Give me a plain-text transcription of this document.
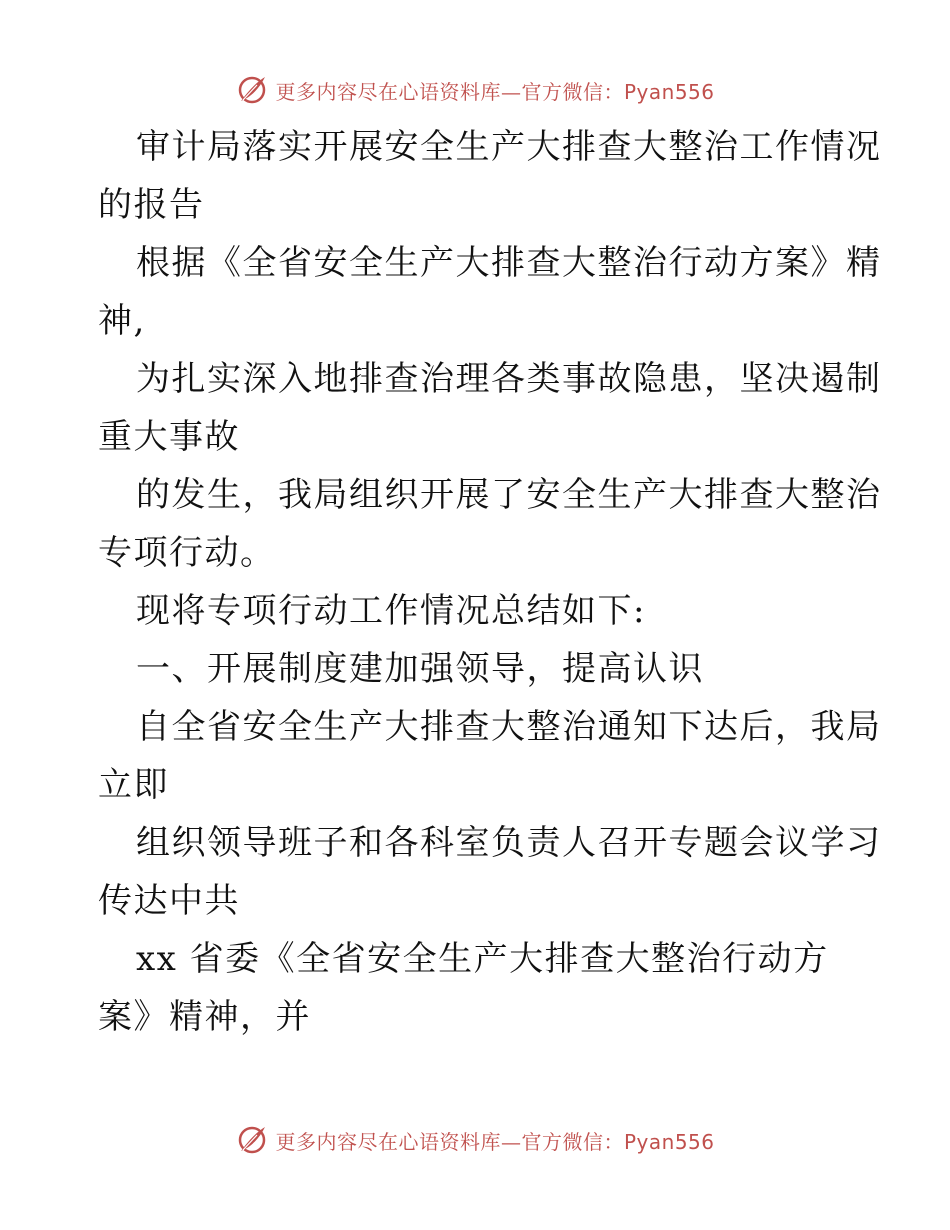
更多内容尽在心语资料库—官方微信：Pyan556
审计局落实开展安全生产大排查大整治工作情况
的报告
根据《全省安全生产大排查大整治行动方案》精
神,
为扎实深入地排查治理各类事故隐患，坚决遏制
重大事故
的发生，我局组织开展了安全生产大排查大整治
专项行动。
现将专项行动工作情况总结如下:
一、开展制度建加强领导，提高认识
自全省安全生产大排查大整治通知下达后，我局
立即
组织领导班子和各科室负责人召开专题会议学习
传达中共
xx 省委《全省安全生产大排查大整治行动方
案》精神，并
更多内容尽在心语资料库—官方微信：Pyan556
